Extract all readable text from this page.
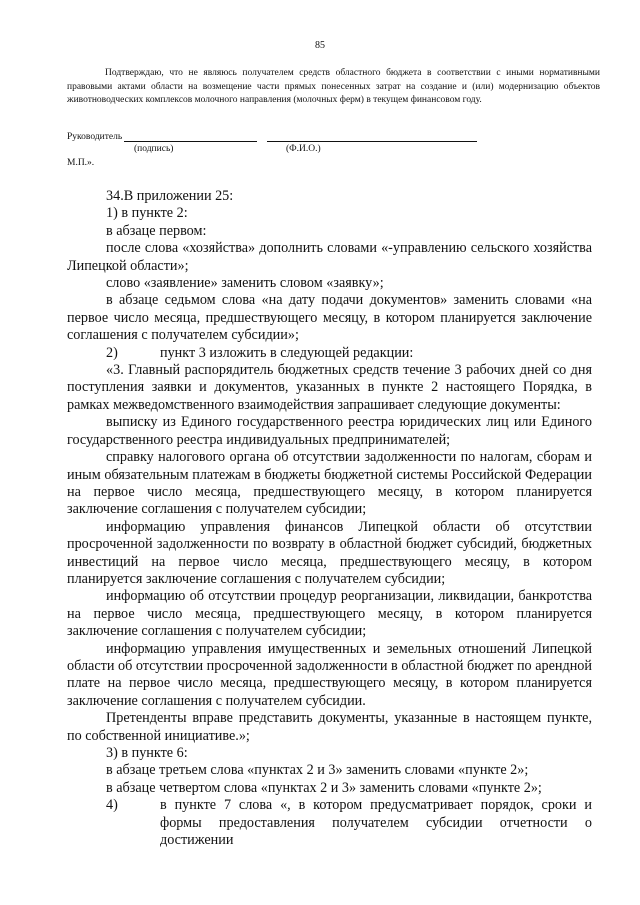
85

Подтверждаю, что не являюсь получателем средств областного бюджета в соответствии с иными нормативными правовыми актами области на возмещение части прямых понесенных затрат на создание и (или) модернизацию объектов животноводческих комплексов молочного направления (молочных ферм) в текущем финансовом году.

Руководитель
(подпись)	(Ф.И.О.)
М.П.».

34.В приложении 25:

1) в пункте 2:

в абзаце первом:

после слова «хозяйства» дополнить словами «-управлению сельского хозяйства Липецкой области»;

слово «заявление» заменить словом «заявку»;

в абзаце седьмом слова «на дату подачи документов» заменить словами «на первое число месяца, предшествующего месяцу, в котором планируется заключение соглашения с получателем субсидии»;

2)	пункт 3 изложить в следующей редакции:

«3. Главный распорядитель бюджетных средств течение 3 рабочих дней со дня поступления заявки и документов, указанных в пункте 2 настоящего Порядка, в рамках межведомственного взаимодействия запрашивает следующие документы:

выписку из Единого государственного реестра юридических лиц или Единого государственного реестра индивидуальных предпринимателей;

справку налогового органа об отсутствии задолженности по налогам, сборам и иным обязательным платежам в бюджеты бюджетной системы Российской Федерации на первое число месяца, предшествующего месяцу, в котором планируется заключение соглашения с получателем субсидии;

информацию управления финансов Липецкой области об отсутствии просроченной задолженности по возврату в областной бюджет субсидий, бюджетных инвестиций на первое число месяца, предшествующего месяцу, в котором планируется заключение соглашения с получателем субсидии;

информацию об отсутствии процедур реорганизации, ликвидации, банкротства на первое число месяца, предшествующего месяцу, в котором планируется заключение соглашения с получателем субсидии;

информацию управления имущественных и земельных отношений Липецкой области об отсутствии просроченной задолженности в областной бюджет по арендной плате на первое число месяца, предшествующего месяцу, в котором планируется заключение соглашения с получателем субсидии.

Претенденты вправе представить документы, указанные в настоящем пункте, по собственной инициативе.»;

3) в пункте 6:

в абзаце третьем слова «пунктах 2 и 3» заменить словами «пункте 2»;

в абзаце четвертом слова «пунктах 2 и 3» заменить словами «пункте 2»;

4)	в пункте 7 слова «, в котором предусматривает порядок, сроки и формы предоставления получателем субсидии отчетности о достижении
